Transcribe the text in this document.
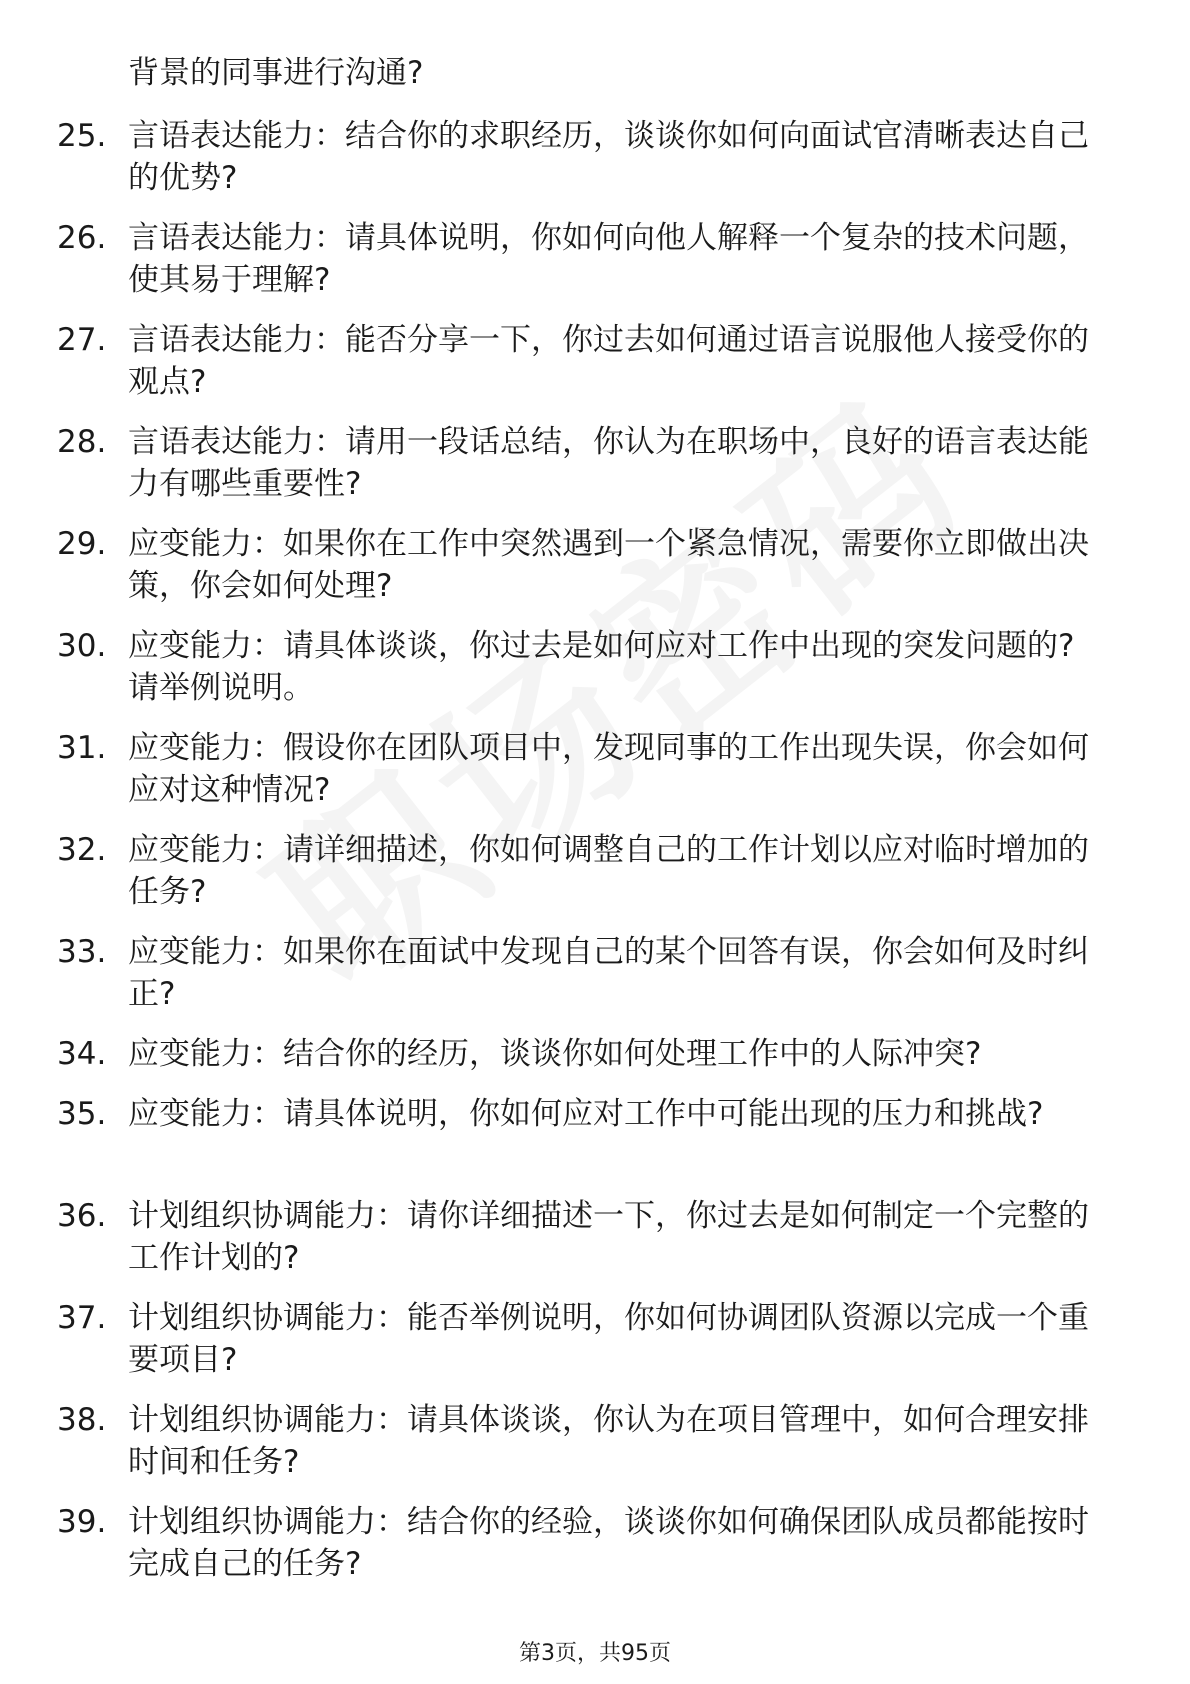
背景的同事进行沟通?

25. 言语表达能力：结合你的求职经历，谈谈你如何向面试官清晰表达自己的优势?

26. 言语表达能力：请具体说明，你如何向他人解释一个复杂的技术问题，使其易于理解?

27. 言语表达能力：能否分享一下，你过去如何通过语言说服他人接受你的观点?

28. 言语表达能力：请用一段话总结，你认为在职场中，良好的语言表达能力有哪些重要性?

29. 应变能力：如果你在工作中突然遇到一个紧急情况，需要你立即做出决策，你会如何处理?

30. 应变能力：请具体谈谈，你过去是如何应对工作中出现的突发问题的? 请举例说明。

31. 应变能力：假设你在团队项目中，发现同事的工作出现失误，你会如何应对这种情况?

32. 应变能力：请详细描述，你如何调整自己的工作计划以应对临时增加的任务?

33. 应变能力：如果你在面试中发现自己的某个回答有误，你会如何及时纠正?

34. 应变能力：结合你的经历，谈谈你如何处理工作中的人际冲突?

35. 应变能力：请具体说明，你如何应对工作中可能出现的压力和挑战?

36. 计划组织协调能力：请你详细描述一下，你过去是如何制定一个完整的工作计划的?

37. 计划组织协调能力：能否举例说明，你如何协调团队资源以完成一个重要项目?

38. 计划组织协调能力：请具体谈谈，你认为在项目管理中，如何合理安排时间和任务?

39. 计划组织协调能力：结合你的经验，谈谈你如何确保团队成员都能按时完成自己的任务?

第3页，共95页
